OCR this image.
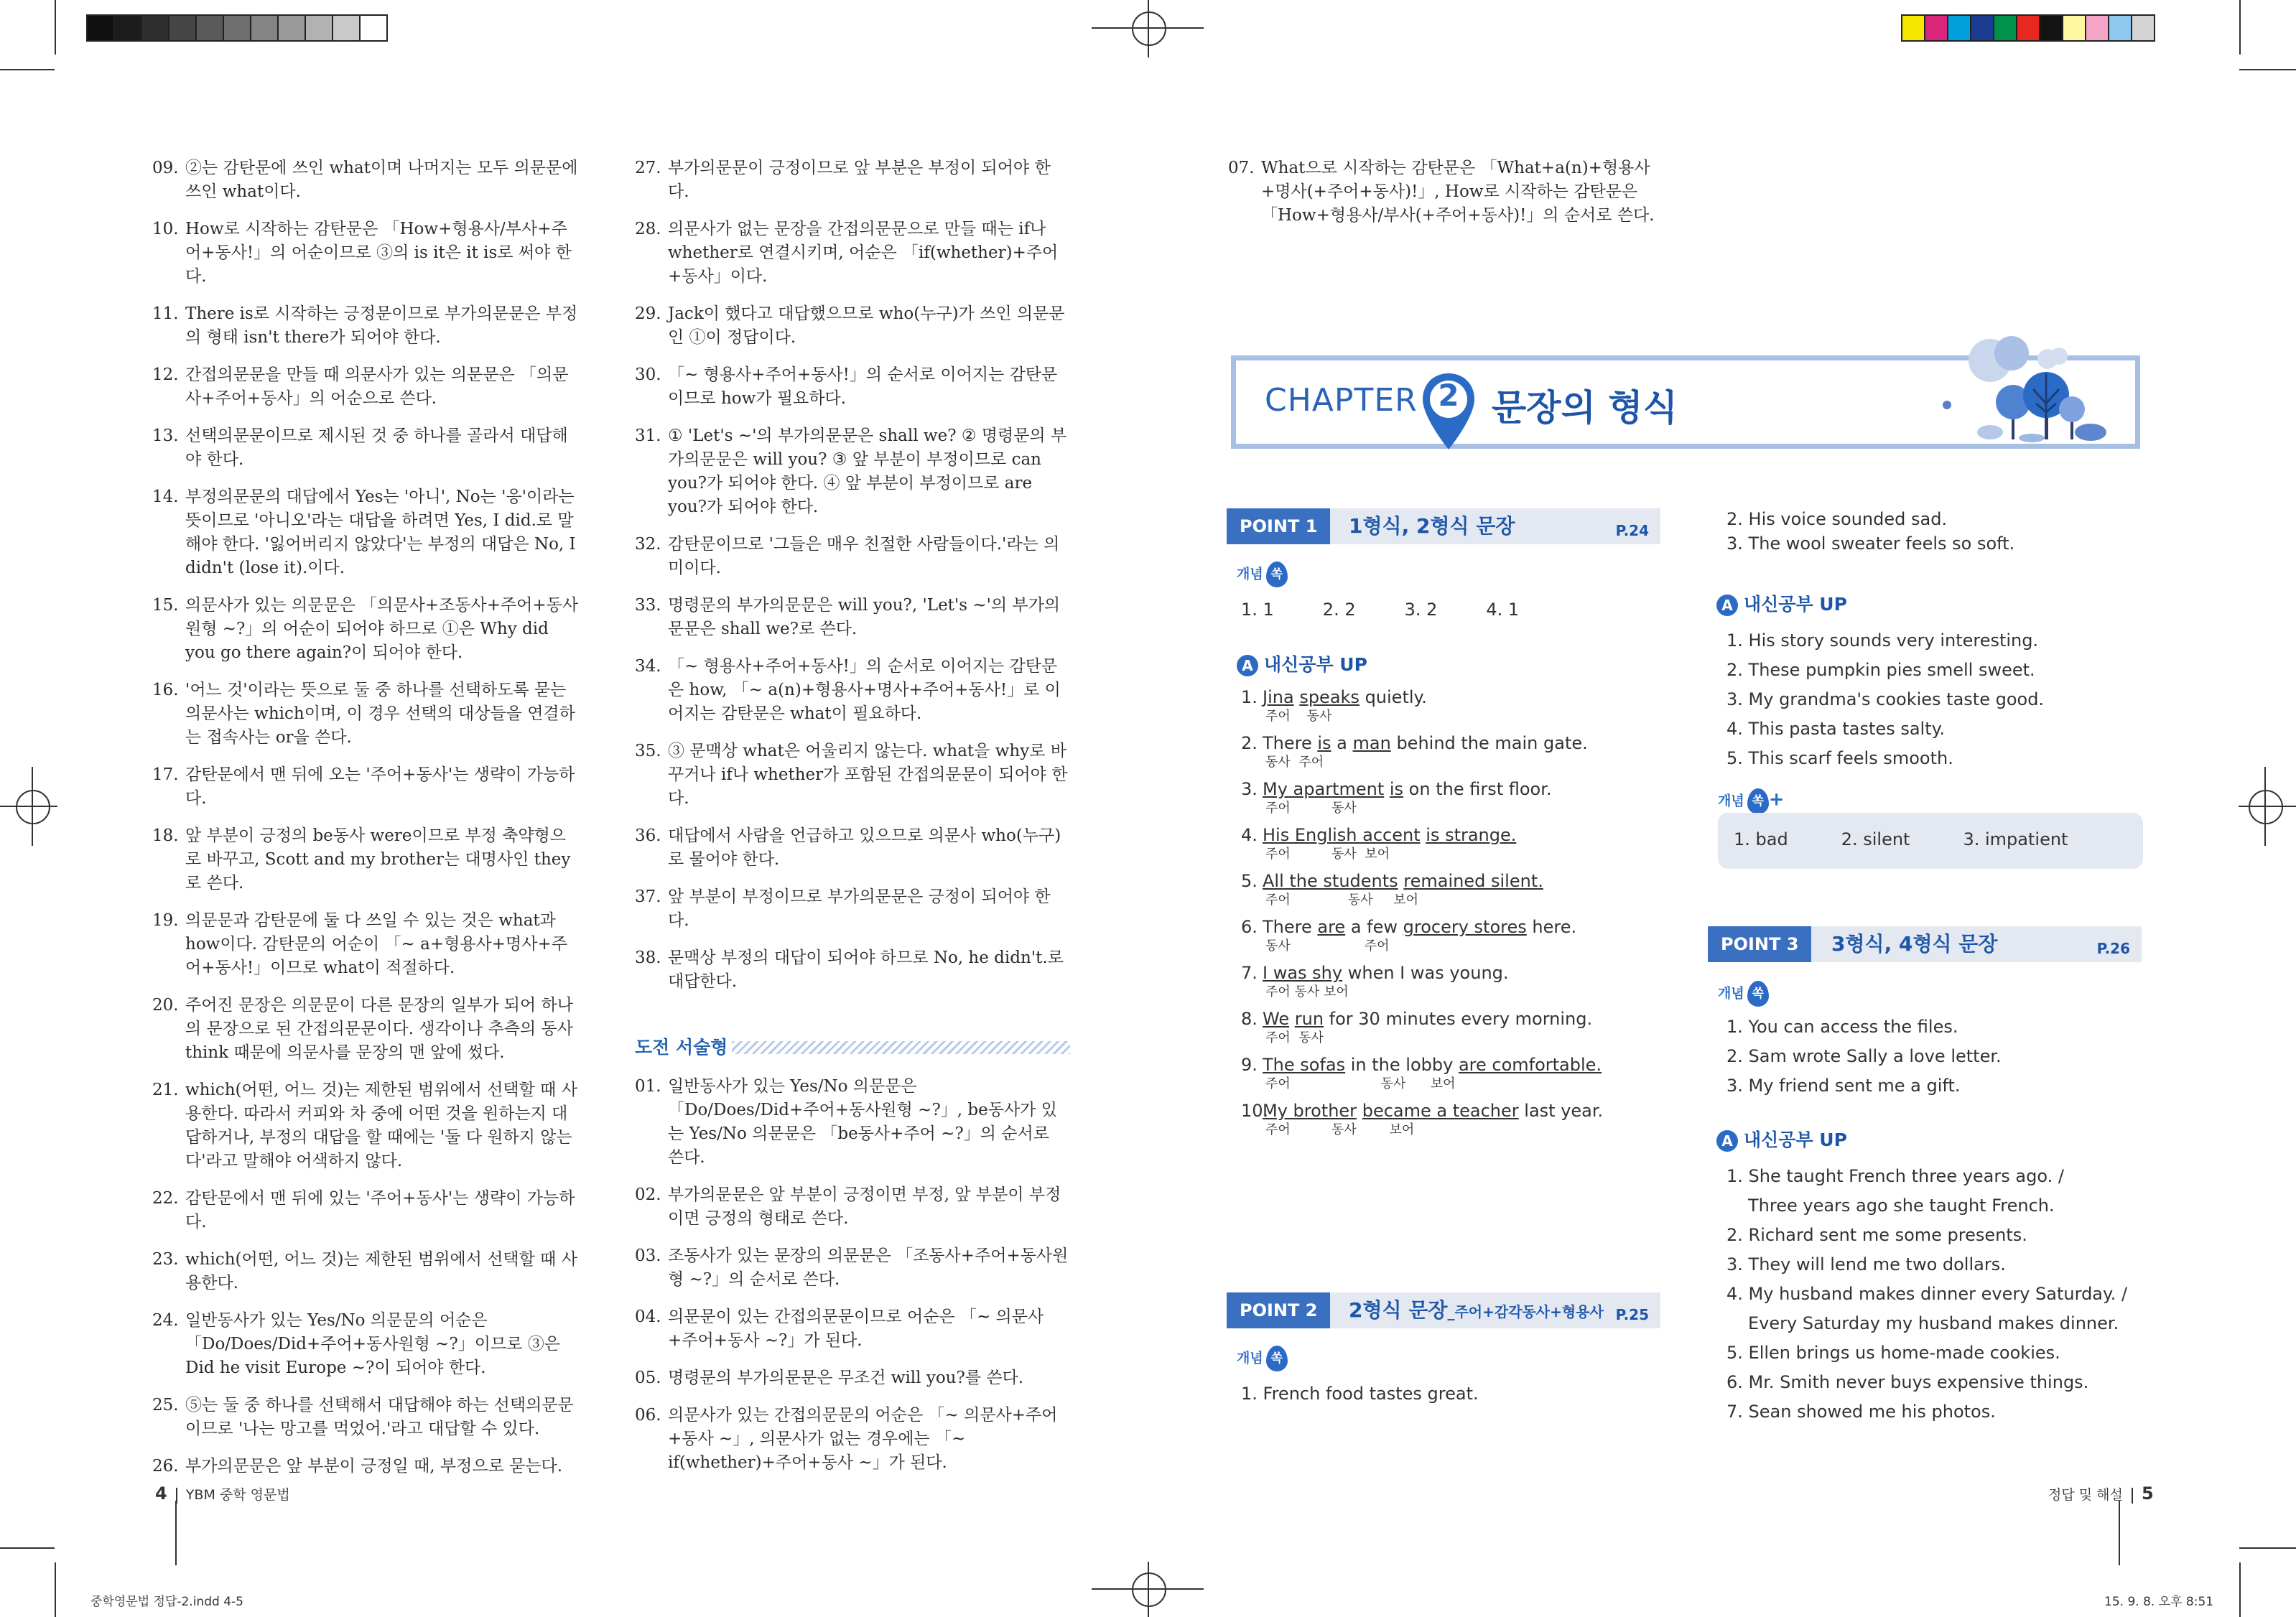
09. ②는 감탄문에 쓰인 what이며 나머지는 모두 의문문에 쓰인 what이다.
10. How로 시작하는 감탄문은 「How+형용사/부사+주어+동사!」의 어순이므로 ③의 is it은 it is로 써야 한다.
11. There is로 시작하는 긍정문이므로 부가의문문은 부정의 형태 isn't there가 되어야 한다.
12. 간접의문문을 만들 때 의문사가 있는 의문문은 「의문사+주어+동사」의 어순으로 쓴다.
13. 선택의문문이므로 제시된 것 중 하나를 골라서 대답해야 한다.
14. 부정의문문의 대답에서 Yes는 '아니', No는 '응'이라는 뜻이므로 '아니오'라는 대답을 하려면 Yes, I did.로 말해야 한다. '잃어버리지 않았다'는 부정의 대답은 No, I didn't (lose it).이다.
15. 의문사가 있는 의문문은 「의문사+조동사+주어+동사원형 ~?」의 어순이 되어야 하므로 ①은 Why did you go there again?이 되어야 한다.
16. '어느 것'이라는 뜻으로 둘 중 하나를 선택하도록 묻는 의문사는 which이며, 이 경우 선택의 대상들을 연결하는 접속사는 or을 쓴다.
17. 감탄문에서 맨 뒤에 오는 '주어+동사'는 생략이 가능하다.
18. 앞 부분이 긍정의 be동사 were이므로 부정 축약형으로 바꾸고, Scott and my brother는 대명사인 they로 쓴다.
19. 의문문과 감탄문에 둘 다 쓰일 수 있는 것은 what과 how이다. 감탄문의 어순이 「~ a+형용사+명사+주어+동사!」이므로 what이 적절하다.
20. 주어진 문장은 의문문이 다른 문장의 일부가 되어 하나의 문장으로 된 간접의문문이다. 생각이나 추측의 동사 think 때문에 의문사를 문장의 맨 앞에 썼다.
21. which(어떤, 어느 것)는 제한된 범위에서 선택할 때 사용한다. 따라서 커피와 차 중에 어떤 것을 원하는지 대답하거나, 부정의 대답을 할 때에는 '둘 다 원하지 않는다'라고 말해야 어색하지 않다.
22. 감탄문에서 맨 뒤에 있는 '주어+동사'는 생략이 가능하다.
23. which(어떤, 어느 것)는 제한된 범위에서 선택할 때 사용한다.
24. 일반동사가 있는 Yes/No 의문문의 어순은 「Do/Does/Did+주어+동사원형 ~?」이므로 ③은 Did he visit Europe ~?이 되어야 한다.
25. ⑤는 둘 중 하나를 선택해서 대답해야 하는 선택의문문이므로 '나는 망고를 먹었어.'라고 대답할 수 있다.
26. 부가의문문은 앞 부분이 긍정일 때, 부정으로 묻는다.
27. 부가의문문이 긍정이므로 앞 부분은 부정이 되어야 한다.
28. 의문사가 없는 문장을 간접의문문으로 만들 때는 if나 whether로 연결시키며, 어순은 「if(whether)+주어+동사」이다.
29. Jack이 했다고 대답했으므로 who(누구)가 쓰인 의문문인 ①이 정답이다.
30. 「~ 형용사+주어+동사!」의 순서로 이어지는 감탄문이므로 how가 필요하다.
31. ① 'Let's ~'의 부가의문문은 shall we? ② 명령문의 부가의문문은 will you? ③ 앞 부분이 부정이므로 can you?가 되어야 한다. ④ 앞 부분이 부정이므로 are you?가 되어야 한다.
32. 감탄문이므로 '그들은 매우 친절한 사람들이다.'라는 의미이다.
33. 명령문의 부가의문문은 will you?, 'Let's ~'의 부가의문문은 shall we?로 쓴다.
34. 「~ 형용사+주어+동사!」의 순서로 이어지는 감탄문은 how, 「~ a(n)+형용사+명사+주어+동사!」로 이어지는 감탄문은 what이 필요하다.
35. ③ 문맥상 what은 어울리지 않는다. what을 why로 바꾸거나 if나 whether가 포함된 간접의문문이 되어야 한다.
36. 대답에서 사람을 언급하고 있으므로 의문사 who(누구)로 물어야 한다.
37. 앞 부분이 부정이므로 부가의문문은 긍정이 되어야 한다.
38. 문맥상 부정의 대답이 되어야 하므로 No, he didn't.로 대답한다.
도전 서술형
01. 일반동사가 있는 Yes/No 의문문은 「Do/Does/Did+주어+동사원형 ~?」, be동사가 있는 Yes/No 의문문은 「be동사+주어 ~?」의 순서로 쓴다.
02. 부가의문문은 앞 부분이 긍정이면 부정, 앞 부분이 부정이면 긍정의 형태로 쓴다.
03. 조동사가 있는 문장의 의문문은 「조동사+주어+동사원형 ~?」의 순서로 쓴다.
04. 의문문이 있는 간접의문문이므로 어순은 「~ 의문사+주어+동사 ~?」가 된다.
05. 명령문의 부가의문문은 무조건 will you?를 쓴다.
06. 의문사가 있는 간접의문문의 어순은 「~ 의문사+주어+동사 ~」, 의문사가 없는 경우에는 「~ if(whether)+주어+동사 ~」가 된다.
07. What으로 시작하는 감탄문은 「What+a(n)+형용사+명사(+주어+동사)!」, How로 시작하는 감탄문은 「How+형용사/부사(+주어+동사)!」의 순서로 쓴다.
CHAPTER 2 문장의 형식
POINT 1	1형식, 2형식 문장	P.24
개념 쏙
1. 1	2. 2	3. 2	4. 1
A 내신공부 UP
1. Jina speaks quietly.
주어    동사
2. There is a man behind the main gate.
동사  주어
3. My apartment is on the first floor.
주어          동사
4. His English accent is strange.
주어          동사  보어
5. All the students remained silent.
주어              동사     보어
6. There are a few grocery stores here.
동사                  주어
7. I was shy when I was young.
주어 동사 보어
8. We run for 30 minutes every morning.
주어  동사
9. The sofas in the lobby are comfortable.
주어                      동사      보어
10.
My brother became a teacher last year.
주어          동사        보어
POINT 2	2형식 문장_주어+감각동사+형용사 P.25
개념 쏙
1. French food tastes great.
2. His voice sounded sad.
3. The wool sweater feels so soft.
A 내신공부 UP
1. His story sounds very interesting.
2. These pumpkin pies smell sweet.
3. My grandma's cookies taste good.
4. This pasta tastes salty.
5. This scarf feels smooth.
개념 쏙 +
1. bad	2. silent	3. impatient
POINT 3	3형식, 4형식 문장	P.26
개념 쏙
1. You can access the files.
2. Sam wrote Sally a love letter.
3. My friend sent me a gift.
A 내신공부 UP
1. She taught French three years ago. /
Three years ago she taught French.
2. Richard sent me some presents.
3. They will lend me two dollars.
4. My husband makes dinner every Saturday. /
Every Saturday my husband makes dinner.
5. Ellen brings us home-made cookies.
6. Mr. Smith never buys expensive things.
7. Sean showed me his photos.
4 YBM 중학 영문법	정답 및 해설 5
중학영문법 정답-2.indd 4-5	15. 9. 8. 오후 8:51
